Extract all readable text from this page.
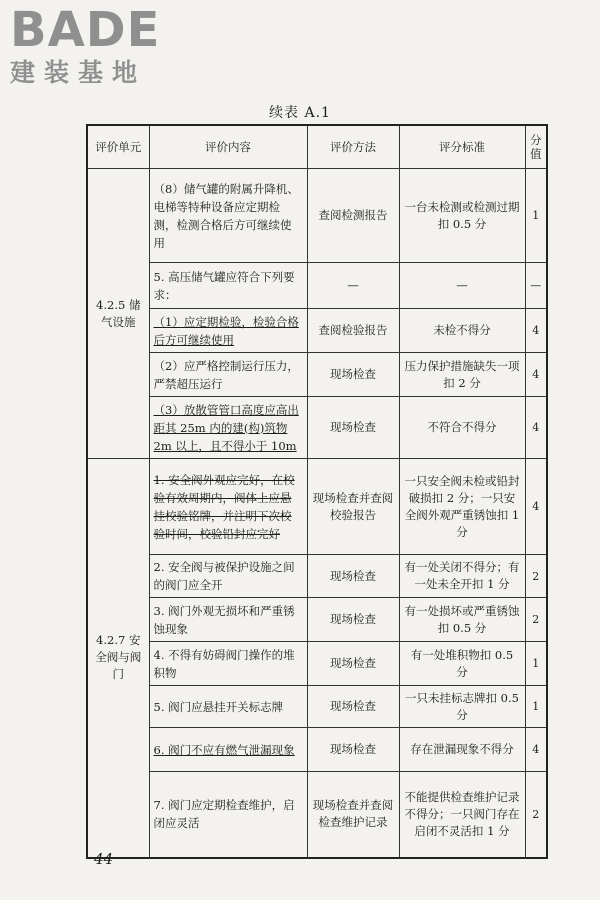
BADE
建装基地
续表 A.1
评价单元	评价内容	评价方法	评分标准	分值
4.2.5 储气设施	（8）储气罐的附属升降机、电梯等特种设备应定期检测，检测合格后方可继续使用	查阅检测报告	一台未检测或检测过期扣 0.5 分	1
	5. 高压储气罐应符合下列要求：	—	—	—
	（1）应定期检验，检验合格后方可继续使用	查阅检验报告	未检不得分	4
	（2）应严格控制运行压力，严禁超压运行	现场检查	压力保护措施缺失一项扣 2 分	4
	（3）放散管管口高度应高出距其 25m 内的建(构)筑物 2m 以上，且不得小于 10m	现场检查	不符合不得分	4
4.2.7 安全阀与阀门	1. 安全阀外观应完好，在校验有效周期内，阀体上应悬挂校验铭牌，并注明下次校验时间，校验铅封应完好	现场检查并查阅校验报告	一只安全阀未检或铅封破损扣 2 分；一只安全阀外观严重锈蚀扣 1 分	4
	2. 安全阀与被保护设施之间的阀门应全开	现场检查	有一处关闭不得分；有一处未全开扣 1 分	2
	3. 阀门外观无损坏和严重锈蚀现象	现场检查	有一处损坏或严重锈蚀扣 0.5 分	2
	4. 不得有妨碍阀门操作的堆积物	现场检查	有一处堆积物扣 0.5 分	1
	5. 阀门应悬挂开关标志牌	现场检查	一只未挂标志牌扣 0.5 分	1
	6. 阀门不应有燃气泄漏现象	现场检查	存在泄漏现象不得分	4
	7. 阀门应定期检查维护，启闭应灵活	现场检查并查阅检查维护记录	不能提供检查维护记录不得分；一只阀门存在启闭不灵活扣 1 分	2
44
